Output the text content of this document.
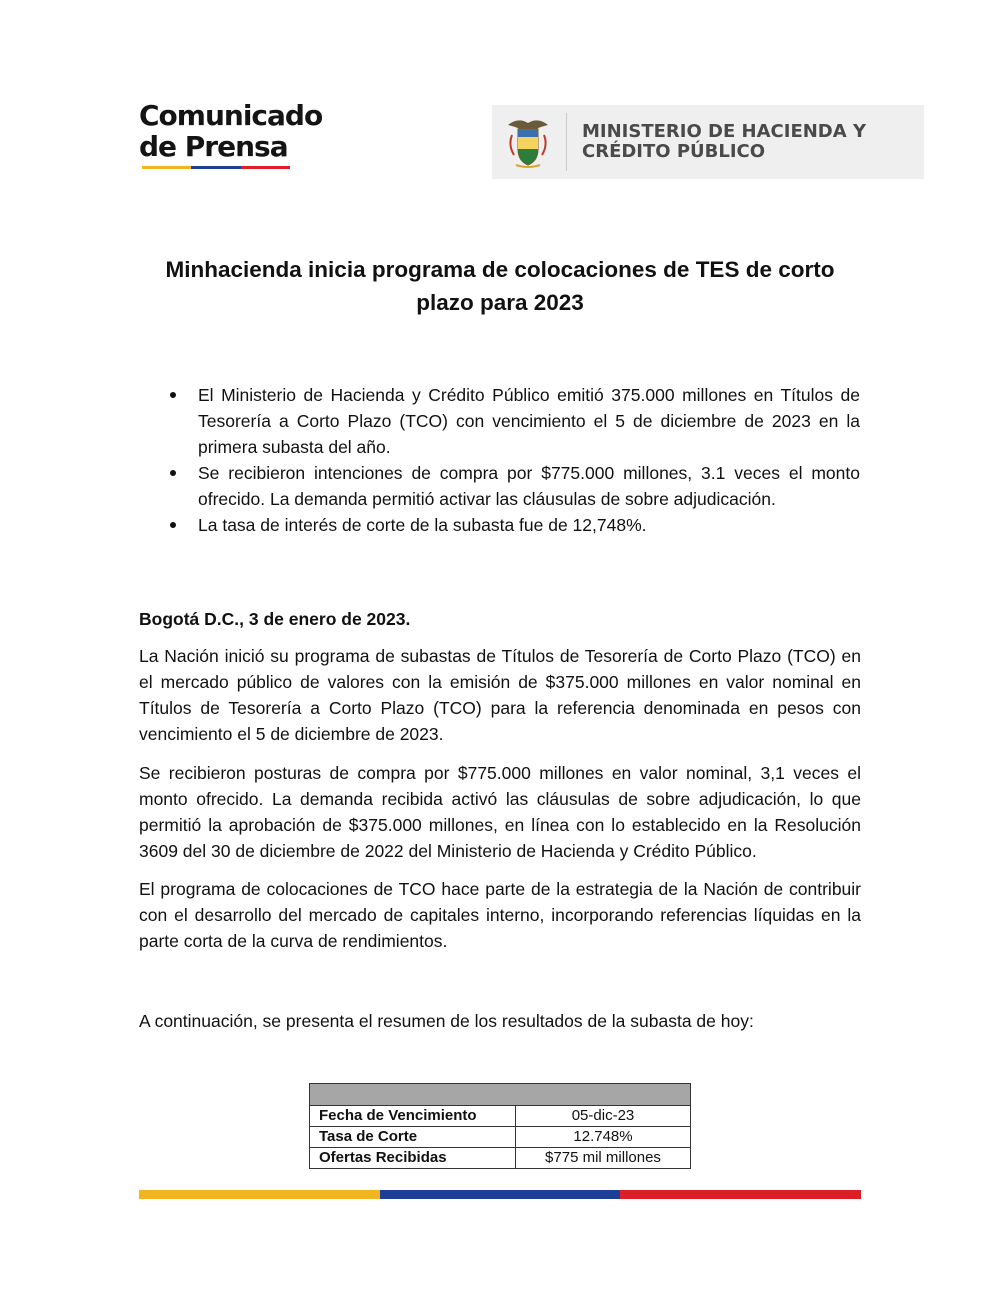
Comunicado
de Prensa	MINISTERIO DE HACIENDA Y
CRÉDITO PÚBLICO
Minhacienda inicia programa de colocaciones de TES de corto plazo para 2023
El Ministerio de Hacienda y Crédito Público emitió 375.000 millones en Títulos de Tesorería a Corto Plazo (TCO) con vencimiento el 5 de diciembre de 2023 en la primera subasta del año.
Se recibieron intenciones de compra por $775.000 millones, 3.1 veces el monto ofrecido. La demanda permitió activar las cláusulas de sobre adjudicación.
La tasa de interés de corte de la subasta fue de 12,748%.

Bogotá D.C., 3 de enero de 2023.

La Nación inició su programa de subastas de Títulos de Tesorería de Corto Plazo (TCO) en el mercado público de valores con la emisión de $375.000 millones en valor nominal en Títulos de Tesorería a Corto Plazo (TCO) para la referencia denominada en pesos con vencimiento el 5 de diciembre de 2023.

Se recibieron posturas de compra por $775.000 millones en valor nominal, 3,1 veces el monto ofrecido. La demanda recibida activó las cláusulas de sobre adjudicación, lo que permitió la aprobación de $375.000 millones, en línea con lo establecido en la Resolución 3609 del 30 de diciembre de 2022 del Ministerio de Hacienda y Crédito Público.

El programa de colocaciones de TCO hace parte de la estrategia de la Nación de contribuir con el desarrollo del mercado de capitales interno, incorporando referencias líquidas en la parte corta de la curva de rendimientos.

A continuación, se presenta el resumen de los resultados de la subasta de hoy:

Fecha de Vencimiento	05-dic-23
Tasa de Corte	12.748%
Ofertas Recibidas	$775 mil millones
